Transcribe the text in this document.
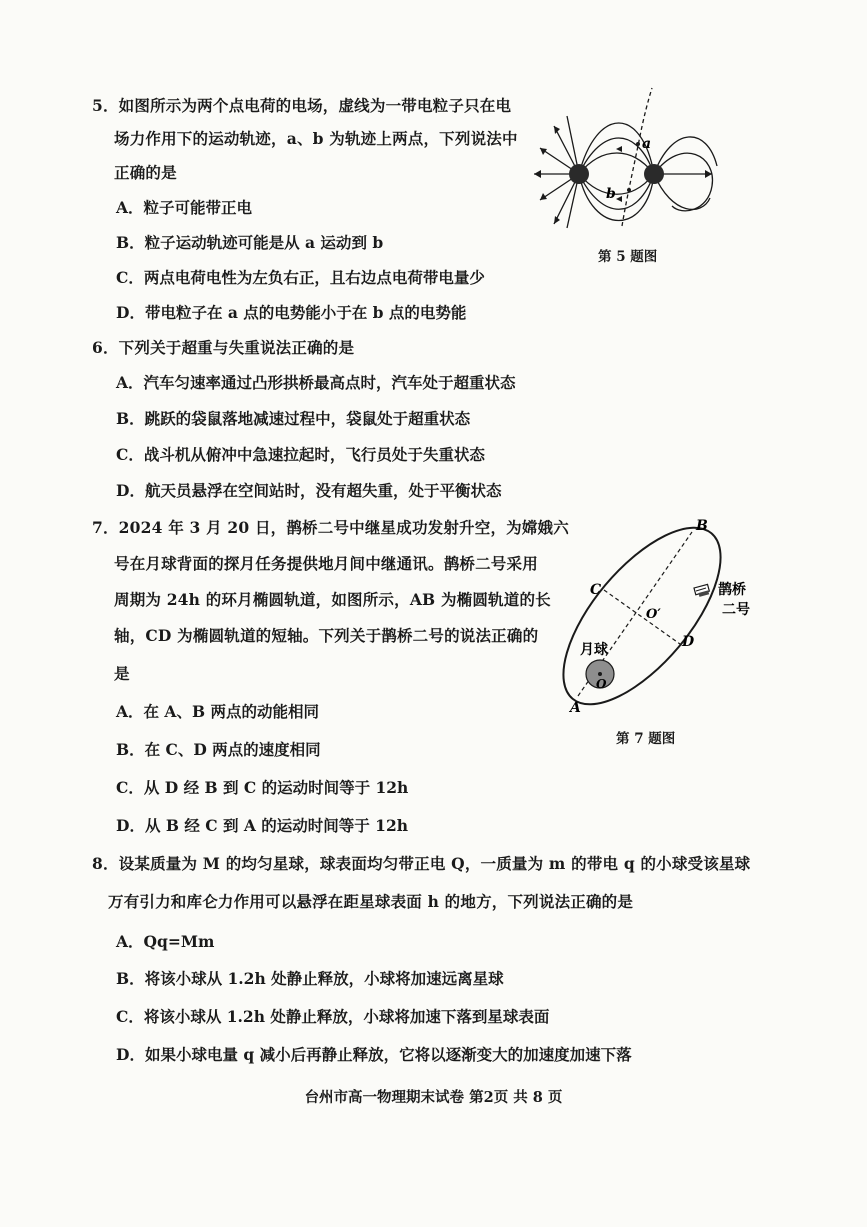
5．如图所示为两个点电荷的电场，虚线为一带电粒子只在电
场力作用下的运动轨迹，a、b 为轨迹上两点，下列说法中
正确的是
A．粒子可能带正电
B．粒子运动轨迹可能是从 a 运动到 b
C．两点电荷电性为左负右正，且右边点电荷带电量少
D．带电粒子在 a 点的电势能小于在 b 点的电势能
a
b
第 5 题图
6．下列关于超重与失重说法正确的是
A．汽车匀速率通过凸形拱桥最高点时，汽车处于超重状态
B．跳跃的袋鼠落地减速过程中，袋鼠处于超重状态
C．战斗机从俯冲中急速拉起时，飞行员处于失重状态
D．航天员悬浮在空间站时，没有超失重，处于平衡状态
7．2024 年 3 月 20 日，鹊桥二号中继星成功发射升空，为嫦娥六
号在月球背面的探月任务提供地月间中继通讯。鹊桥二号采用
周期为 24h 的环月椭圆轨道，如图所示，AB 为椭圆轨道的长
轴，CD 为椭圆轨道的短轴。下列关于鹊桥二号的说法正确的
是
A．在 A、B 两点的动能相同
B．在 C、D 两点的速度相同
C．从 D 经 B 到 C 的运动时间等于 12h
D．从 B 经 C 到 A 的运动时间等于 12h
B
C
D
O′
O
A
月球
鹊桥
二号
第 7 题图
8．设某质量为 M 的均匀星球，球表面均匀带正电 Q，一质量为 m 的带电 q 的小球受该星球
万有引力和库仑力作用可以悬浮在距星球表面 h 的地方，下列说法正确的是
A．Qq=Mm
B．将该小球从 1.2h 处静止释放，小球将加速远离星球
C．将该小球从 1.2h 处静止释放，小球将加速下落到星球表面
D．如果小球电量 q 减小后再静止释放，它将以逐渐变大的加速度加速下落
台州市高一物理期末试卷 第2页 共 8 页
